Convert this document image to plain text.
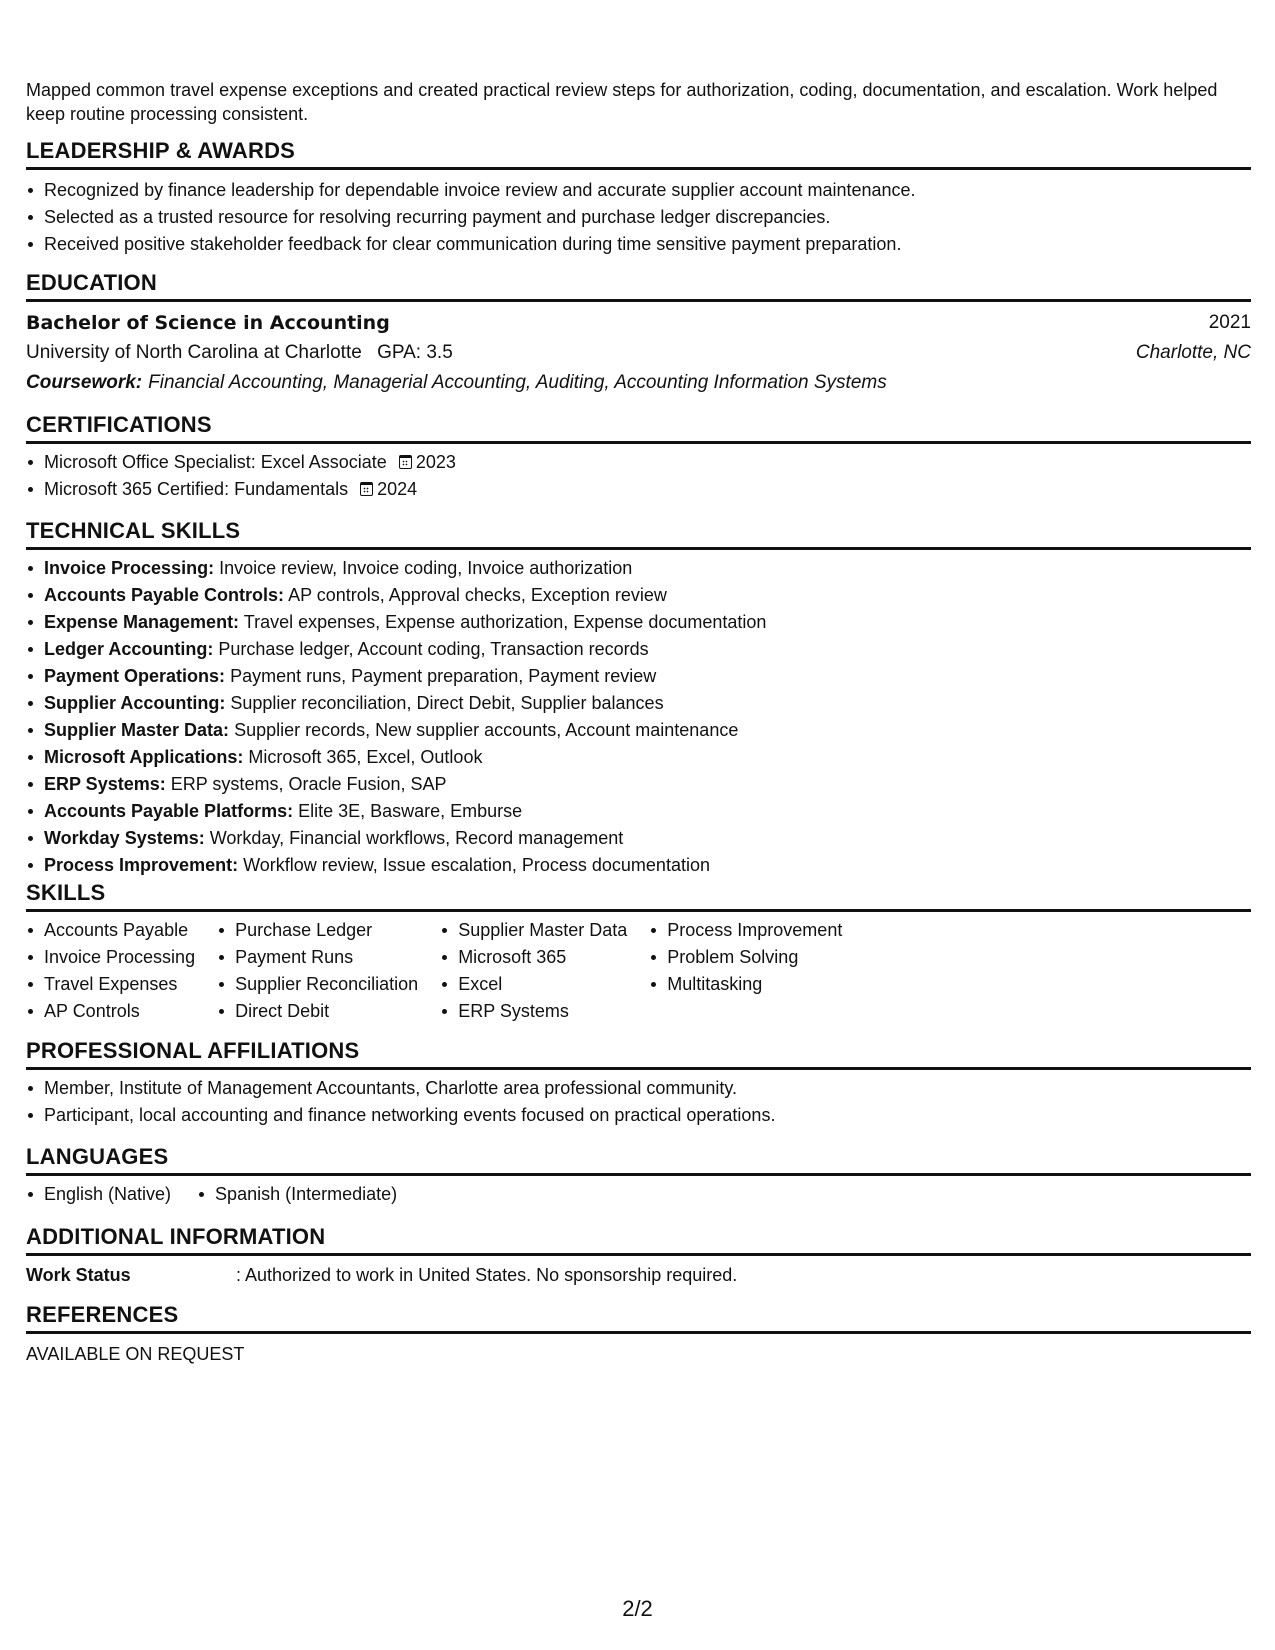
Mapped common travel expense exceptions and created practical review steps for authorization, coding, documentation, and escalation. Work helped keep routine processing consistent.
LEADERSHIP & AWARDS
Recognized by finance leadership for dependable invoice review and accurate supplier account maintenance.
Selected as a trusted resource for resolving recurring payment and purchase ledger discrepancies.
Received positive stakeholder feedback for clear communication during time sensitive payment preparation.
EDUCATION
Bachelor of Science in Accounting	2021
University of North Carolina at Charlotte GPA: 3.5	Charlotte, NC
Coursework: Financial Accounting, Managerial Accounting, Auditing, Accounting Information Systems
CERTIFICATIONS
Microsoft Office Specialist: Excel Associate 2023
Microsoft 365 Certified: Fundamentals 2024
TECHNICAL SKILLS
Invoice Processing: Invoice review, Invoice coding, Invoice authorization
Accounts Payable Controls: AP controls, Approval checks, Exception review
Expense Management: Travel expenses, Expense authorization, Expense documentation
Ledger Accounting: Purchase ledger, Account coding, Transaction records
Payment Operations: Payment runs, Payment preparation, Payment review
Supplier Accounting: Supplier reconciliation, Direct Debit, Supplier balances
Supplier Master Data: Supplier records, New supplier accounts, Account maintenance
Microsoft Applications: Microsoft 365, Excel, Outlook
ERP Systems: ERP systems, Oracle Fusion, SAP
Accounts Payable Platforms: Elite 3E, Basware, Emburse
Workday Systems: Workday, Financial workflows, Record management
Process Improvement: Workflow review, Issue escalation, Process documentation
SKILLS
Accounts Payable
Invoice Processing
Travel Expenses
AP Controls
Purchase Ledger
Payment Runs
Supplier Reconciliation
Direct Debit
Supplier Master Data
Microsoft 365
Excel
ERP Systems
Process Improvement
Problem Solving
Multitasking
PROFESSIONAL AFFILIATIONS
Member, Institute of Management Accountants, Charlotte area professional community.
Participant, local accounting and finance networking events focused on practical operations.
LANGUAGES
English (Native) Spanish (Intermediate)
ADDITIONAL INFORMATION
Work Status	: Authorized to work in United States. No sponsorship required.
REFERENCES
AVAILABLE ON REQUEST
2/2
